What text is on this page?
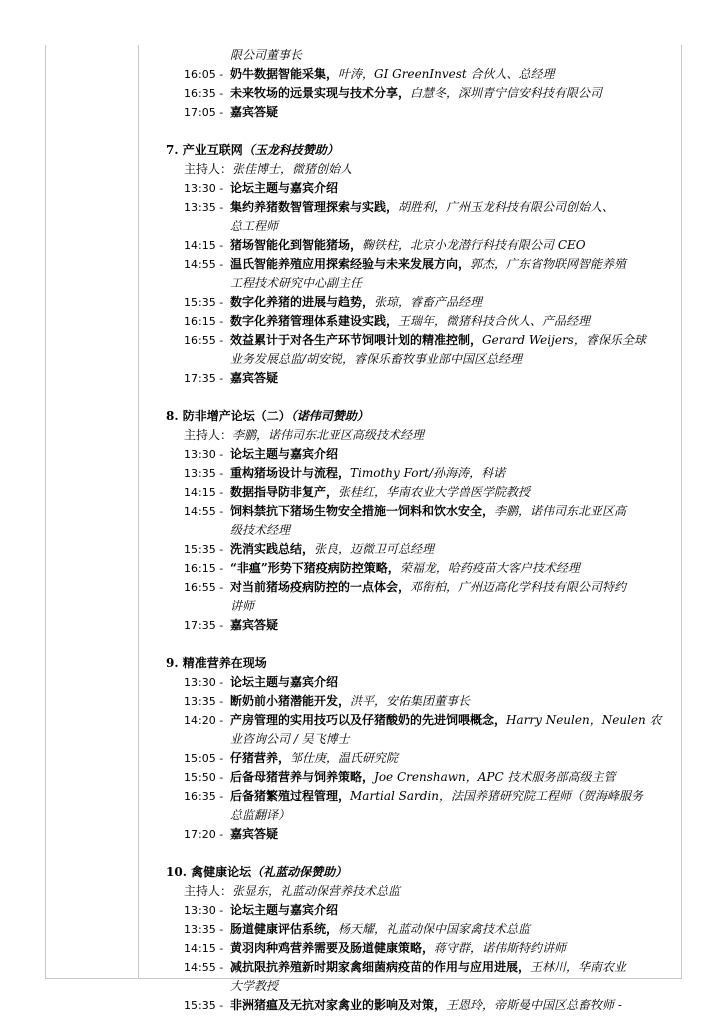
限公司董事长
16:05 - 奶牛数据智能采集，叶涛，GI GreenInvest 合伙人、总经理
16:35 - 未来牧场的远景实现与技术分享，白慧冬，深圳青宁信安科技有限公司
17:05 - 嘉宾答疑
7. 产业互联网（玉龙科技赞助）
主持人：张佳博士，微猪创始人
13:30 - 论坛主题与嘉宾介绍
13:35 - 集约养猪数智管理探索与实践，胡胜利，广州玉龙科技有限公司创始人、
总工程师
14:15 - 猪场智能化到智能猪场，鞠铁柱，北京小龙潜行科技有限公司 CEO
14:55 - 温氏智能养殖应用探索经验与未来发展方向，郭杰，广东省物联网智能养殖
工程技术研究中心副主任
15:35 - 数字化养猪的进展与趋势，张琼，睿畜产品经理
16:15 - 数字化养猪管理体系建设实践，王瑞年，微猪科技合伙人、产品经理
16:55 - 效益累计于对各生产环节饲喂计划的精准控制，Gerard Weijers，睿保乐全球
业务发展总监/胡安锐，睿保乐畜牧事业部中国区总经理
17:35 - 嘉宾答疑
8. 防非增产论坛（二）（诺伟司赞助）
主持人：李鹏，诺伟司东北亚区高级技术经理
13:30 - 论坛主题与嘉宾介绍
13:35 - 重构猪场设计与流程，Timothy Fort/孙海涛，科诺
14:15 - 数据指导防非复产，张桂红，华南农业大学兽医学院教授
14:55 - 饲料禁抗下猪场生物安全措施一饲料和饮水安全，李鹏，诺伟司东北亚区高
级技术经理
15:35 - 洗消实践总结，张良，迈微卫可总经理
16:15 - “非瘟”形势下猪疫病防控策略，荣福龙，哈药疫苗大客户技术经理
16:55 - 对当前猪场疫病防控的一点体会，邓衔柏，广州迈高化学科技有限公司特约
讲师
17:35 - 嘉宾答疑
9. 精准营养在现场
13:30 - 论坛主题与嘉宾介绍
13:35 - 断奶前小猪潜能开发，洪平，安佑集团董事长
14:20 - 产房管理的实用技巧以及仔猪酸奶的先进饲喂概念，Harry Neulen，Neulen 农
业咨询公司 / 吴飞博士
15:05 - 仔猪营养，邹仕庚，温氏研究院
15:50 - 后备母猪营养与饲养策略，Joe Crenshawn，APC 技术服务部高级主管
16:35 - 后备猪繁殖过程管理，Martial Sardin，法国养猪研究院工程师（贺海峰服务
总监翻译）
17:20 - 嘉宾答疑
10. 禽健康论坛（礼蓝动保赞助）
主持人：张显东，礼蓝动保营养技术总监
13:30 - 论坛主题与嘉宾介绍
13:35 - 肠道健康评估系统，杨天耀，礼蓝动保中国家禽技术总监
14:15 - 黄羽肉种鸡营养需要及肠道健康策略，蒋守群，诺伟斯特约讲师
14:55 - 减抗限抗养殖新时期家禽细菌病疫苗的作用与应用进展，王林川，华南农业
大学教授
15:35 - 非洲猪瘟及无抗对家禽业的影响及对策，王恩玲，帝斯曼中国区总畜牧师 -
